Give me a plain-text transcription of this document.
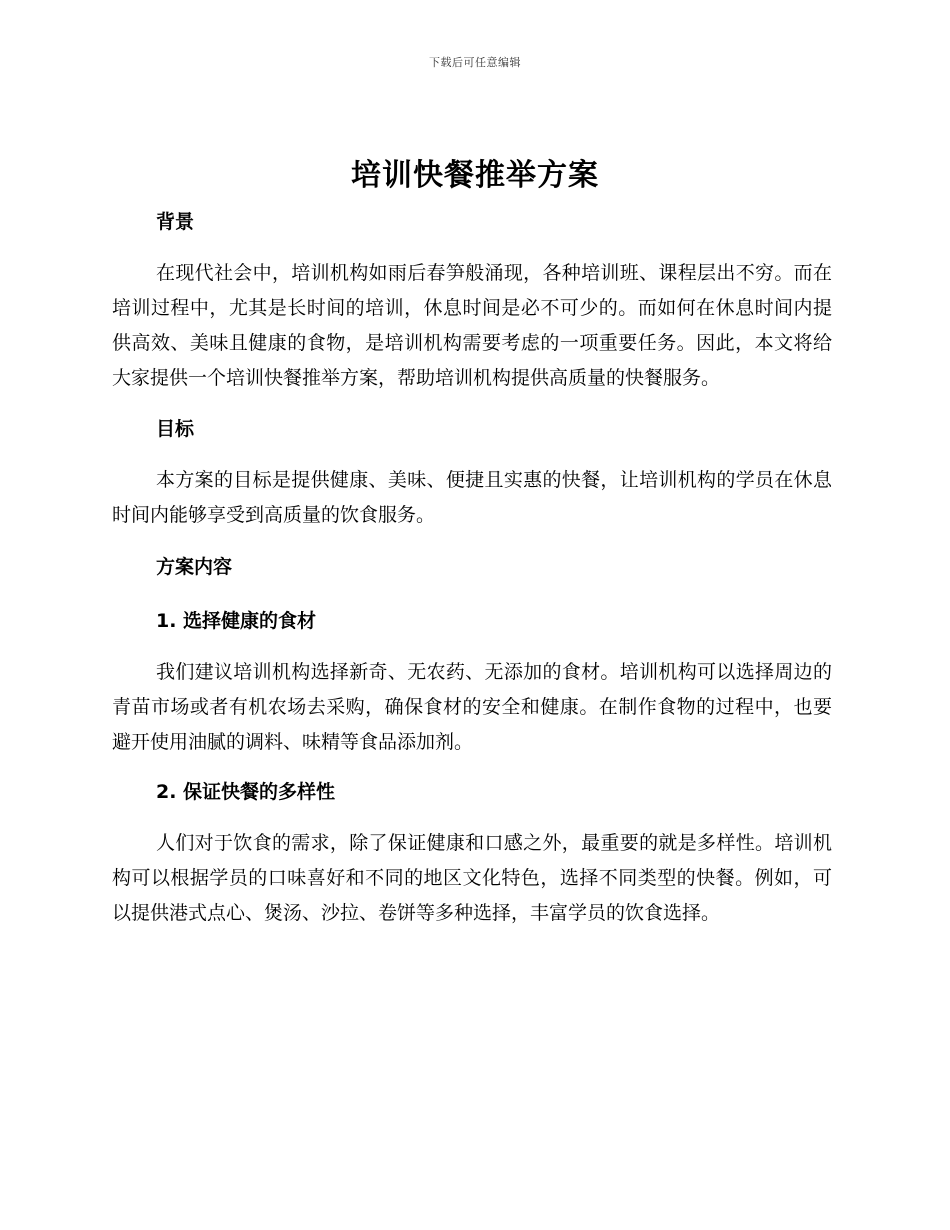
下载后可任意编辑
培训快餐推举方案

背景

在现代社会中，培训机构如雨后春笋般涌现，各种培训班、课程层出不穷。而在培训过程中，尤其是长时间的培训，休息时间是必不可少的。而如何在休息时间内提供高效、美味且健康的食物，是培训机构需要考虑的一项重要任务。因此，本文将给大家提供一个培训快餐推举方案，帮助培训机构提供高质量的快餐服务。

目标

本方案的目标是提供健康、美味、便捷且实惠的快餐，让培训机构的学员在休息时间内能够享受到高质量的饮食服务。

方案内容

1. 选择健康的食材

我们建议培训机构选择新奇、无农药、无添加的食材。培训机构可以选择周边的青苗市场或者有机农场去采购，确保食材的安全和健康。在制作食物的过程中，也要避开使用油腻的调料、味精等食品添加剂。

2. 保证快餐的多样性

人们对于饮食的需求，除了保证健康和口感之外，最重要的就是多样性。培训机构可以根据学员的口味喜好和不同的地区文化特色，选择不同类型的快餐。例如，可以提供港式点心、煲汤、沙拉、卷饼等多种选择，丰富学员的饮食选择。
